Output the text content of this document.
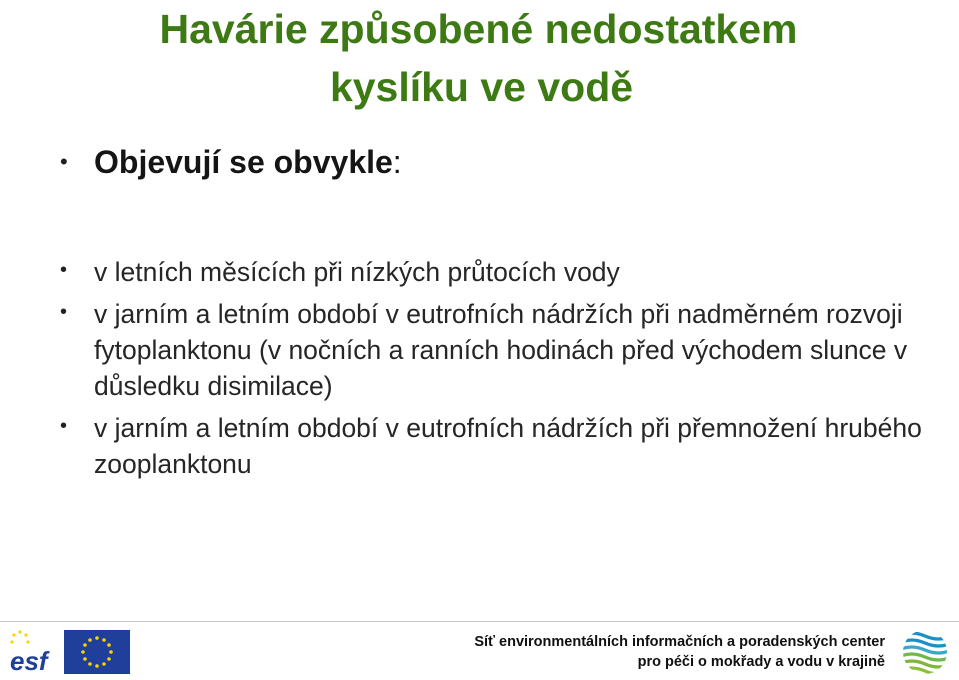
Havárie způsobené nedostatkem
kyslíku ve vodě
• Objevují se obvykle:
• v letních měsících při nízkých průtocích vody
• v jarním a letním období v eutrofních nádržích při nadměrném rozvoji fytoplanktonu (v nočních a ranních hodinách před východem slunce v důsledku disimilace)
• v jarním a letním období v eutrofních nádržích při přemnožení hrubého zooplanktonu
esf
Síť environmentálních informačních a poradenských center
pro péči o mokřady a vodu v krajině
